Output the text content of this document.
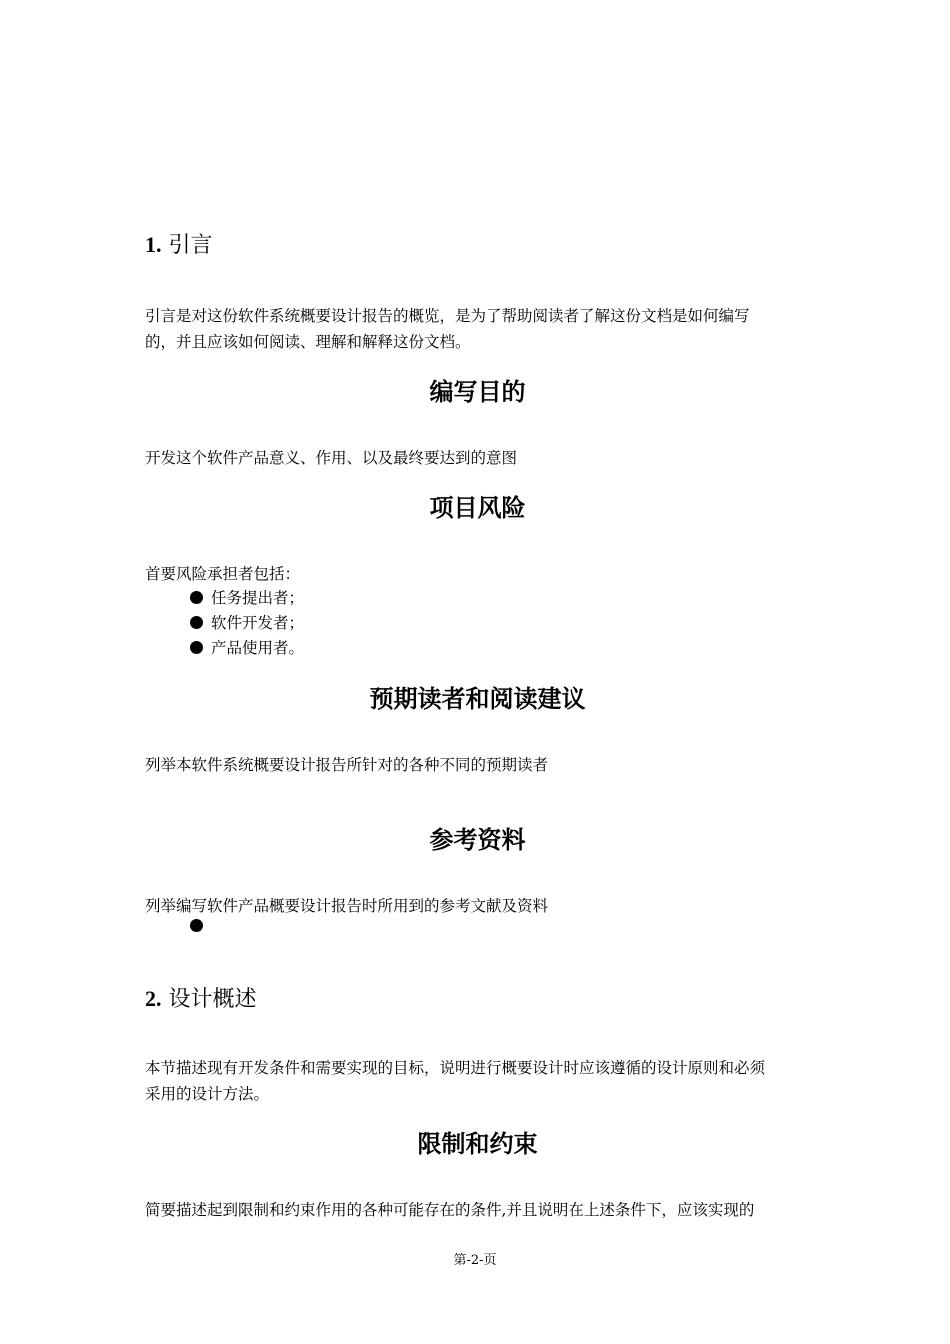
1. 引言
引言是对这份软件系统概要设计报告的概览，是为了帮助阅读者了解这份文档是如何编写
的，并且应该如何阅读、理解和解释这份文档。
编写目的
开发这个软件产品意义、作用、以及最终要达到的意图
项目风险
首要风险承担者包括：
任务提出者；
软件开发者；
产品使用者。
预期读者和阅读建议
列举本软件系统概要设计报告所针对的各种不同的预期读者
参考资料
列举编写软件产品概要设计报告时所用到的参考文献及资料
2. 设计概述
本节描述现有开发条件和需要实现的目标，说明进行概要设计时应该遵循的设计原则和必须
采用的设计方法。
限制和约束
简要描述起到限制和约束作用的各种可能存在的条件,并且说明在上述条件下，应该实现的
第-2-页
